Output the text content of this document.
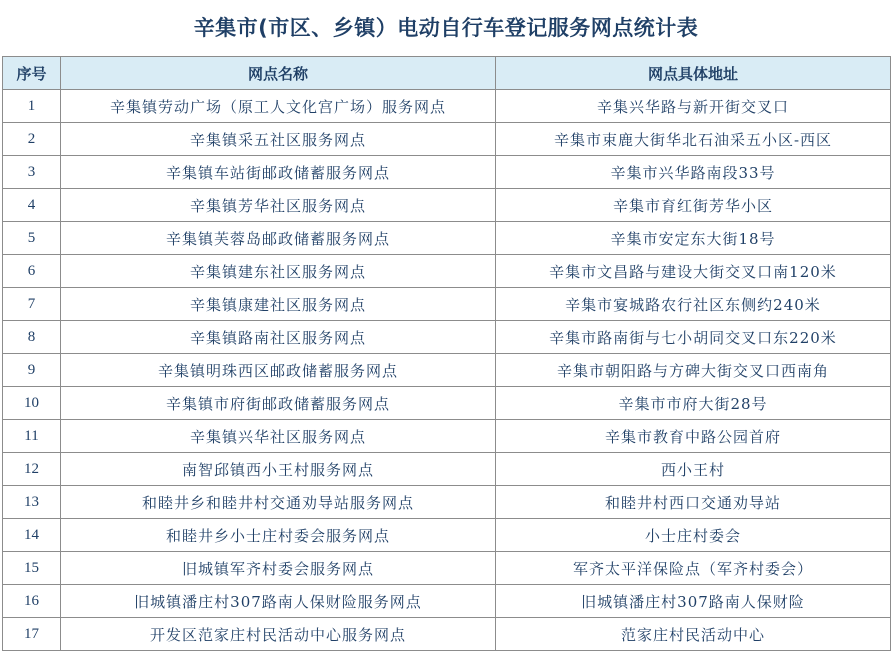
辛集市(市区、乡镇）电动自行车登记服务网点统计表
序号	网点名称	网点具体地址
1	辛集镇劳动广场（原工人文化宫广场）服务网点	辛集兴华路与新开街交叉口
2	辛集镇采五社区服务网点	辛集市束鹿大街华北石油采五小区-西区
3	辛集镇车站街邮政储蓄服务网点	辛集市兴华路南段33号
4	辛集镇芳华社区服务网点	辛集市育红街芳华小区
5	辛集镇芙蓉岛邮政储蓄服务网点	辛集市安定东大街18号
6	辛集镇建东社区服务网点	辛集市文昌路与建设大街交叉口南120米
7	辛集镇康建社区服务网点	辛集市宴城路农行社区东侧约240米
8	辛集镇路南社区服务网点	辛集市路南街与七小胡同交叉口东220米
9	辛集镇明珠西区邮政储蓄服务网点	辛集市朝阳路与方碑大街交叉口西南角
10	辛集镇市府街邮政储蓄服务网点	辛集市市府大街28号
11	辛集镇兴华社区服务网点	辛集市教育中路公园首府
12	南智邱镇西小王村服务网点	西小王村
13	和睦井乡和睦井村交通劝导站服务网点	和睦井村西口交通劝导站
14	和睦井乡小士庄村委会服务网点	小士庄村委会
15	旧城镇军齐村委会服务网点	军齐太平洋保险点（军齐村委会）
16	旧城镇潘庄村307路南人保财险服务网点	旧城镇潘庄村307路南人保财险
17	开发区范家庄村民活动中心服务网点	范家庄村民活动中心
